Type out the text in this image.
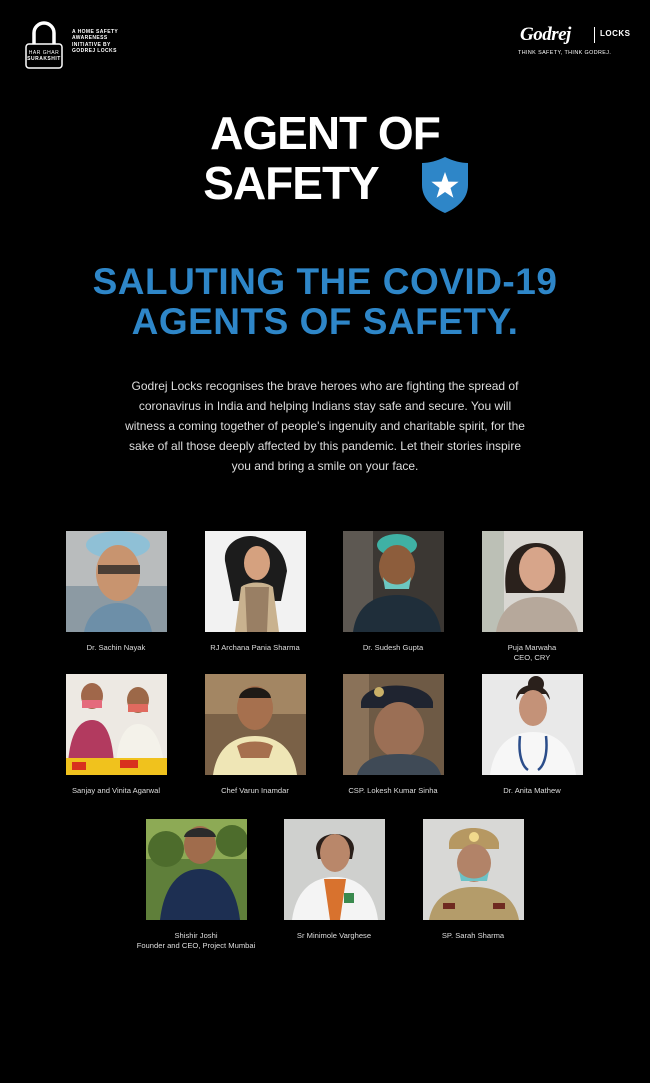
HAR GHAR
SURAKSHIT
A HOME SAFETY
AWARENESS
INITIATIVE BY
GODREJ LOCKS
Godrej	LOCKS
THINK SAFETY, THINK GODREJ.
AGENT OF
SAFETY
SALUTING THE COVID-19
AGENTS OF SAFETY.

Godrej Locks recognises the brave heroes who are fighting the spread of coronavirus in India and helping Indians stay safe and secure. You will witness a coming together of people's ingenuity and charitable spirit, for the sake of all those deeply affected by this pandemic. Let their stories inspire you and bring a smile on your face.

Dr. Sachin Nayak	RJ Archana Pania Sharma	Dr. Sudesh Gupta	Puja Marwaha
CEO, CRY
Sanjay and Vinita Agarwal	Chef Varun Inamdar	CSP. Lokesh Kumar Sinha	Dr. Anita Mathew
Shishir Joshi
Founder and CEO, Project Mumbai
Sr Minimole Varghese	SP. Sarah Sharma
